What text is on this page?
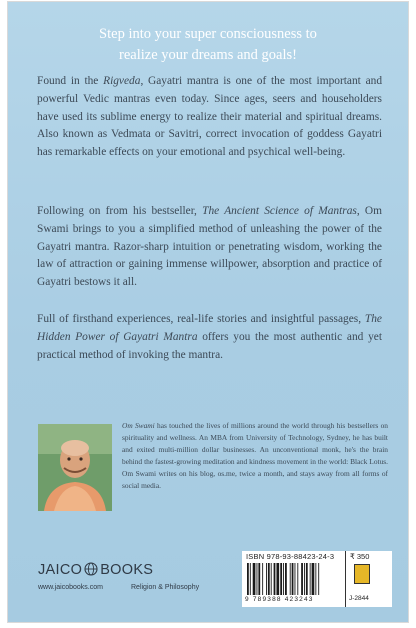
Step into your super consciousness to
realize your dreams and goals!
Found in the Rigveda, Gayatri mantra is one of the most important and powerful Vedic mantras even today. Since ages, seers and householders have used its sublime energy to realize their material and spiritual dreams. Also known as Vedmata or Savitri, correct invocation of goddess Gayatri has remarkable effects on your emotional and psychical well-being.
Following on from his bestseller, The Ancient Science of Mantras, Om Swami brings to you a simplified method of unleashing the power of the Gayatri mantra. Razor-sharp intuition or penetrating wisdom, working the law of attraction or gaining immense willpower, absorption and practice of Gayatri bestows it all.
Full of firsthand experiences, real-life stories and insightful passages, The Hidden Power of Gayatri Mantra offers you the most authentic and yet practical method of invoking the mantra.
Om Swami has touched the lives of millions around the world through his bestsellers on spirituality and wellness. An MBA from University of Technology, Sydney, he has built and exited multi-million dollar businesses. An unconventional monk, he's the brain behind the fastest-growing meditation and kindness movement in the world: Black Lotus. Om Swami writes on his blog, os.me, twice a month, and stays away from all forms of social media.
JAICO BOOKS
www.jaicobooks.com	Religion & Philosophy
ISBN 978-93-88423-24-3
9 789388 423243
₹ 350
J-2844
